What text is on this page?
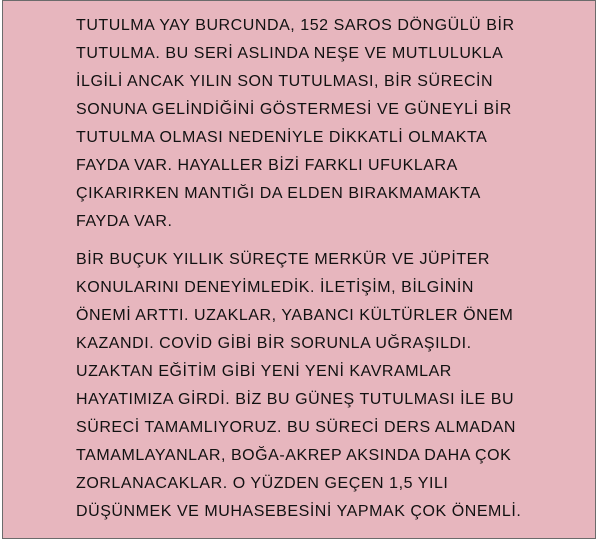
TUTULMA YAY BURCUNDA, 152 SAROS DÖNGÜLÜ BİR
TUTULMA. BU SERİ ASLINDA NEŞE VE MUTLULUKLA
İLGİLİ ANCAK YILIN SON TUTULMASI, BİR SÜRECİN
SONUNA GELİNDİĞİNİ GÖSTERMESİ VE GÜNEYLİ BİR
TUTULMA OLMASI NEDENİYLE DİKKATLİ OLMAKTA
FAYDA VAR. HAYALLER BİZİ FARKLI UFUKLARA
ÇIKARIRKEN MANTIĞI DA ELDEN BIRAKMAMAKTA
FAYDA VAR.
BİR BUÇUK YILLIK SÜREÇTE MERKÜR VE JÜPİTER
KONULARINI DENEYİMLEDİK. İLETİŞİM, BİLGİNİN
ÖNEMİ ARTTI. UZAKLAR, YABANCI KÜLTÜRLER ÖNEM
KAZANDI. COVİD GİBİ BİR SORUNLA UĞRAŞILDI.
UZAKTAN EĞİTİM GİBİ YENİ YENİ KAVRAMLAR
HAYATIMIZA GİRDİ. BİZ BU GÜNEŞ TUTULMASI İLE BU
SÜRECİ TAMAMLIYORUZ. BU SÜRECİ DERS ALMADAN
TAMAMLAYANLAR, BOĞA-AKREP AKSINDA DAHA ÇOK
ZORLANACAKLAR. O YÜZDEN GEÇEN 1,5 YILI
DÜŞÜNMEK VE MUHASEBESİNİ YAPMAK ÇOK ÖNEMLİ.
